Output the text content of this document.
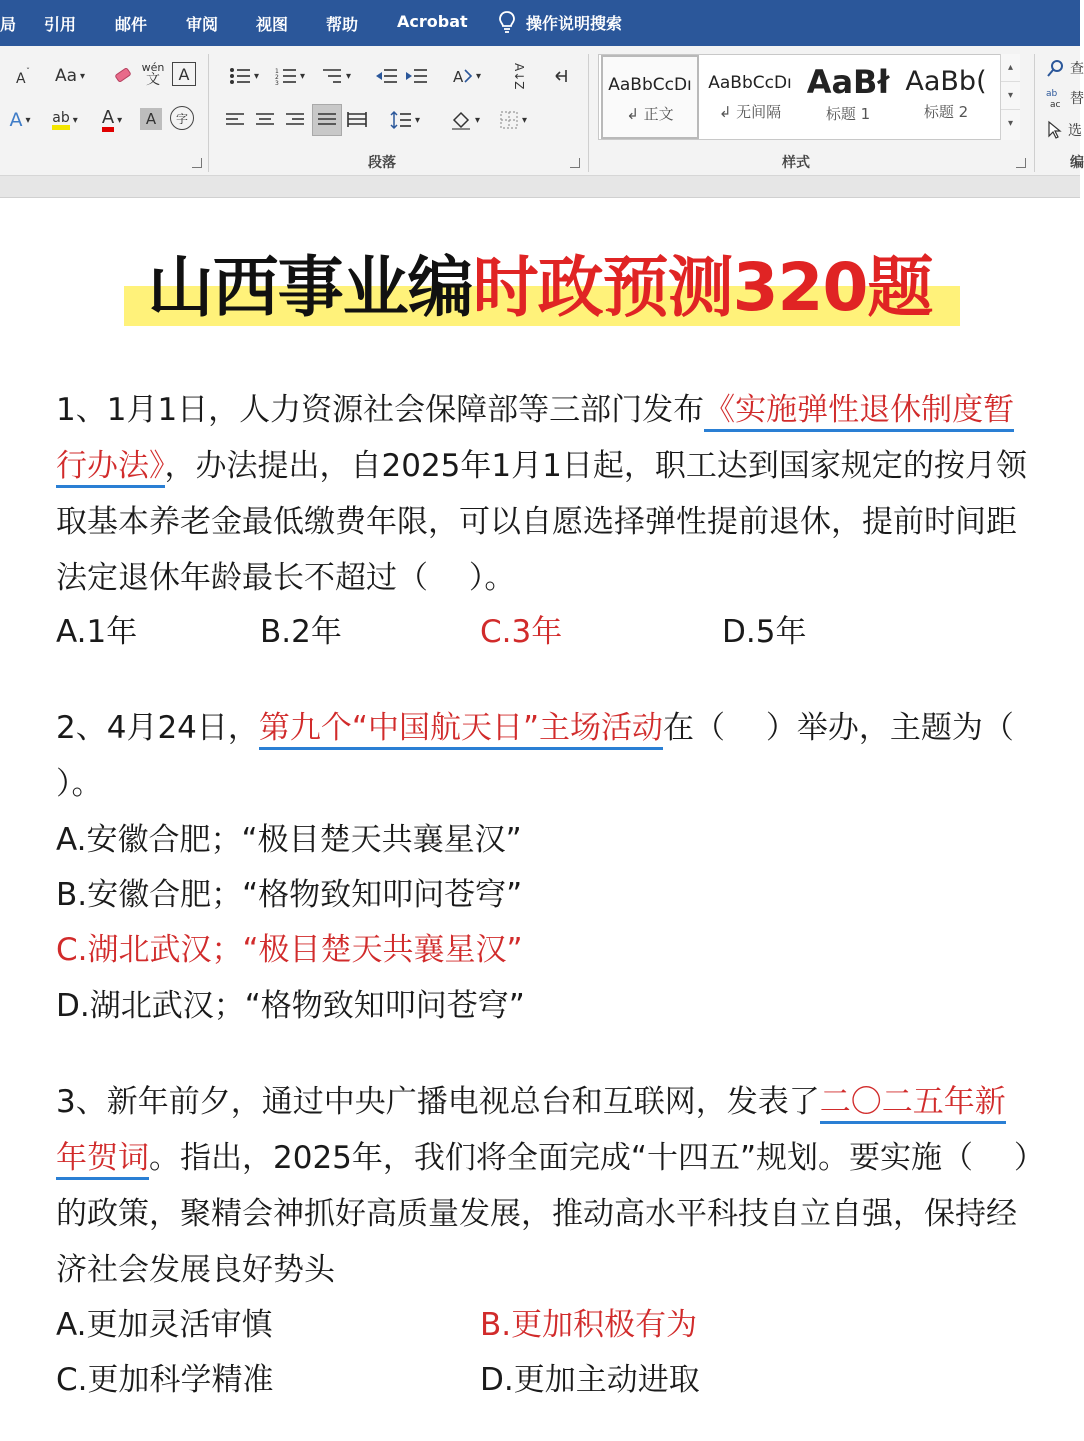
局 引用 邮件 审阅 视图 帮助 Acrobat	操作说明搜索
A ˇ Aa ▾
wén
文 A
A ▾ ab ▾ A ▾ A 字
▾	1
2
3
▾	▾	A ▾	A↓Z
▾	▾	▾
段落
AaBbCcDı
↲ 正文
AaBbCcDı
↲ 无间隔
AaBł
标题 1
AaBb(
标题 2
▴
▾
▾
样式
查
ab
ac 替
选
编
山西事业编时政预测320题
1、1月1日，人力资源社会保障部等三部门发布《实施弹性退休制度暂行办法》，办法提出，自2025年1月1日起，职工达到国家规定的按月领取基本养老金最低缴费年限，可以自愿选择弹性提前退休，提前时间距法定退休年龄最长不超过（　 ）。
A.1年	B.2年	C.3年	D.5年
2、4月24日，第九个“中国航天日”主场活动在（　 ）举办，主题为（　 ）。
A.安徽合肥；“极目楚天共襄星汉”
B.安徽合肥；“格物致知叩问苍穹”
C.湖北武汉；“极目楚天共襄星汉”
D.湖北武汉；“格物致知叩问苍穹”
3、新年前夕，通过中央广播电视总台和互联网，发表了二〇二五年新年贺词。指出，2025年，我们将全面完成“十四五”规划。要实施（　 ）的政策，聚精会神抓好高质量发展，推动高水平科技自立自强，保持经济社会发展良好势头
A.更加灵活审慎	B.更加积极有为
C.更加科学精准	D.更加主动进取
